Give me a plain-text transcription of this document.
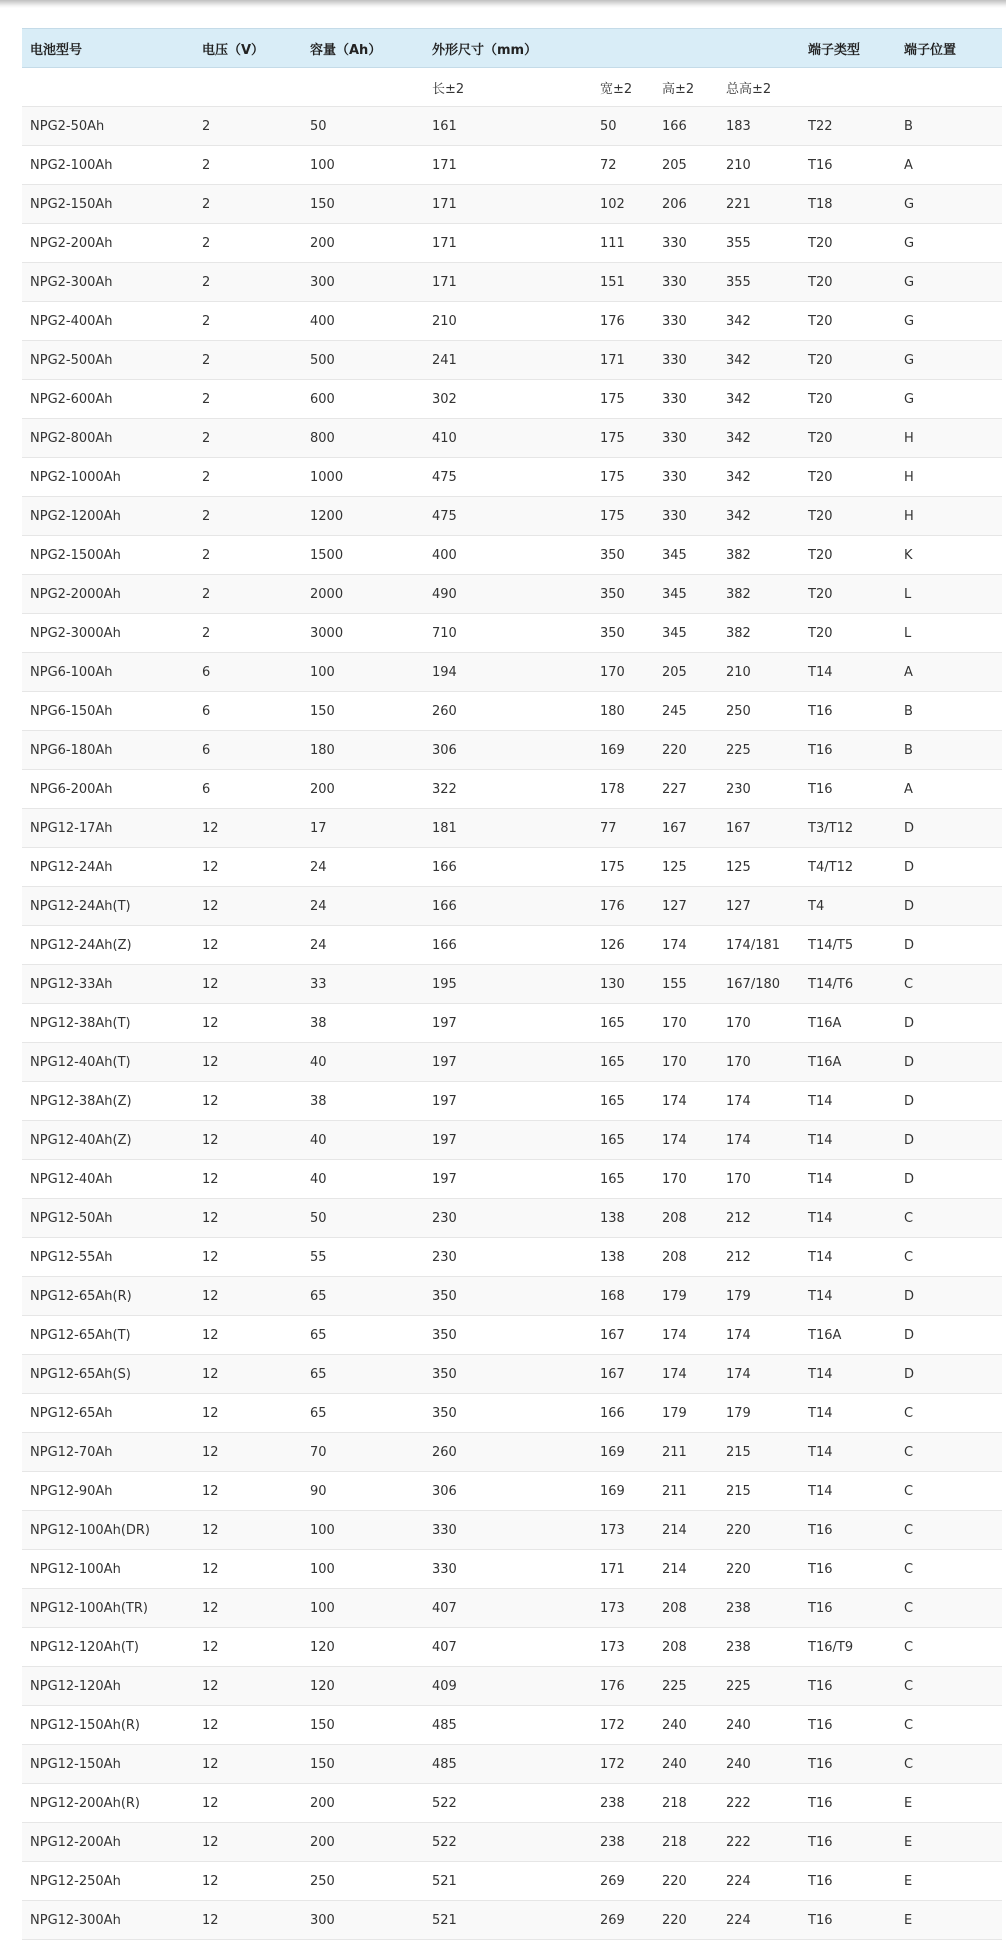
电池型号	电压（V）	容量（Ah）	外形尺寸（mm）				端子类型	端子位置
			长±2	宽±2	高±2	总高±2		
NPG2-50Ah	2	50	161	50	166	183	T22	B
NPG2-100Ah	2	100	171	72	205	210	T16	A
NPG2-150Ah	2	150	171	102	206	221	T18	G
NPG2-200Ah	2	200	171	111	330	355	T20	G
NPG2-300Ah	2	300	171	151	330	355	T20	G
NPG2-400Ah	2	400	210	176	330	342	T20	G
NPG2-500Ah	2	500	241	171	330	342	T20	G
NPG2-600Ah	2	600	302	175	330	342	T20	G
NPG2-800Ah	2	800	410	175	330	342	T20	H
NPG2-1000Ah	2	1000	475	175	330	342	T20	H
NPG2-1200Ah	2	1200	475	175	330	342	T20	H
NPG2-1500Ah	2	1500	400	350	345	382	T20	K
NPG2-2000Ah	2	2000	490	350	345	382	T20	L
NPG2-3000Ah	2	3000	710	350	345	382	T20	L
NPG6-100Ah	6	100	194	170	205	210	T14	A
NPG6-150Ah	6	150	260	180	245	250	T16	B
NPG6-180Ah	6	180	306	169	220	225	T16	B
NPG6-200Ah	6	200	322	178	227	230	T16	A
NPG12-17Ah	12	17	181	77	167	167	T3/T12	D
NPG12-24Ah	12	24	166	175	125	125	T4/T12	D
NPG12-24Ah(T)	12	24	166	176	127	127	T4	D
NPG12-24Ah(Z)	12	24	166	126	174	174/181	T14/T5	D
NPG12-33Ah	12	33	195	130	155	167/180	T14/T6	C
NPG12-38Ah(T)	12	38	197	165	170	170	T16A	D
NPG12-40Ah(T)	12	40	197	165	170	170	T16A	D
NPG12-38Ah(Z)	12	38	197	165	174	174	T14	D
NPG12-40Ah(Z)	12	40	197	165	174	174	T14	D
NPG12-40Ah	12	40	197	165	170	170	T14	D
NPG12-50Ah	12	50	230	138	208	212	T14	C
NPG12-55Ah	12	55	230	138	208	212	T14	C
NPG12-65Ah(R)	12	65	350	168	179	179	T14	D
NPG12-65Ah(T)	12	65	350	167	174	174	T16A	D
NPG12-65Ah(S)	12	65	350	167	174	174	T14	D
NPG12-65Ah	12	65	350	166	179	179	T14	C
NPG12-70Ah	12	70	260	169	211	215	T14	C
NPG12-90Ah	12	90	306	169	211	215	T14	C
NPG12-100Ah(DR)	12	100	330	173	214	220	T16	C
NPG12-100Ah	12	100	330	171	214	220	T16	C
NPG12-100Ah(TR)	12	100	407	173	208	238	T16	C
NPG12-120Ah(T)	12	120	407	173	208	238	T16/T9	C
NPG12-120Ah	12	120	409	176	225	225	T16	C
NPG12-150Ah(R)	12	150	485	172	240	240	T16	C
NPG12-150Ah	12	150	485	172	240	240	T16	C
NPG12-200Ah(R)	12	200	522	238	218	222	T16	E
NPG12-200Ah	12	200	522	238	218	222	T16	E
NPG12-250Ah	12	250	521	269	220	224	T16	E
NPG12-300Ah	12	300	521	269	220	224	T16	E
